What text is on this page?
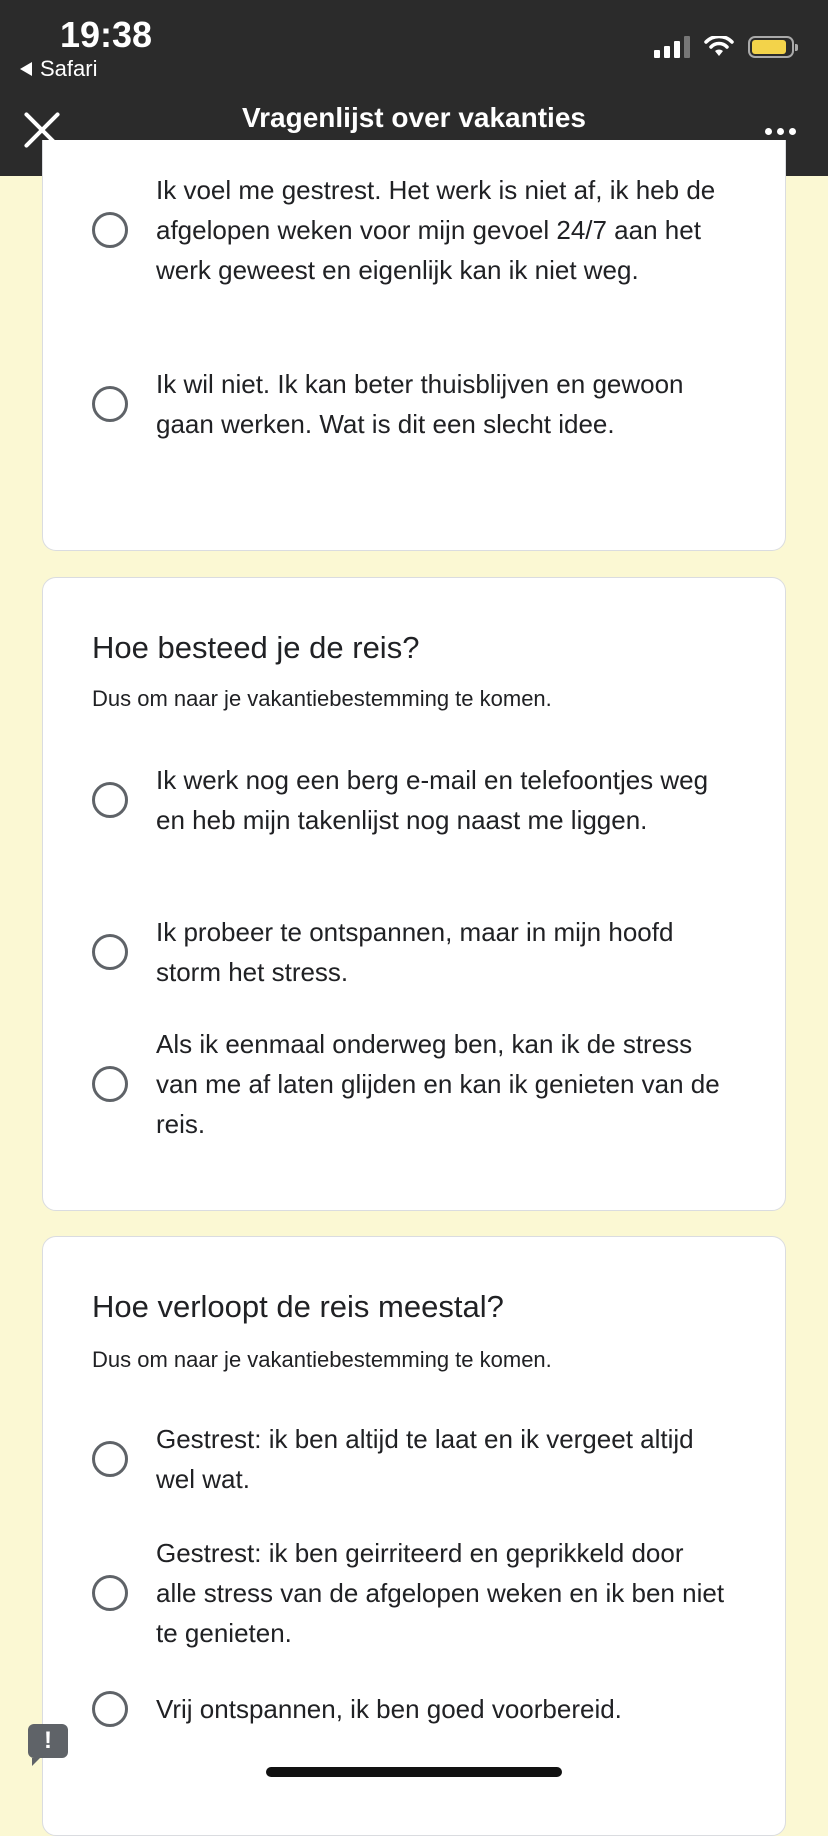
19:38
Safari
Vragenlijst over vakanties
Ik voel me gestrest. Het werk is niet af, ik heb de afgelopen weken voor mijn gevoel 24/7 aan het werk geweest en eigenlijk kan ik niet weg.
Ik wil niet. Ik kan beter thuisblijven en gewoon gaan werken. Wat is dit een slecht idee.
Hoe besteed je de reis?
Dus om naar je vakantiebestemming te komen.
Ik werk nog een berg e-mail en telefoontjes weg en heb mijn takenlijst nog naast me liggen.
Ik probeer te ontspannen, maar in mijn hoofd storm het stress.
Als ik eenmaal onderweg ben, kan ik de stress van me af laten glijden en kan ik genieten van de reis.
Hoe verloopt de reis meestal?
Dus om naar je vakantiebestemming te komen.
Gestrest: ik ben altijd te laat en ik vergeet altijd wel wat.
Gestrest: ik ben geirriteerd en geprikkeld door alle stress van de afgelopen weken en ik ben niet te genieten.
Vrij ontspannen, ik ben goed voorbereid.
!
